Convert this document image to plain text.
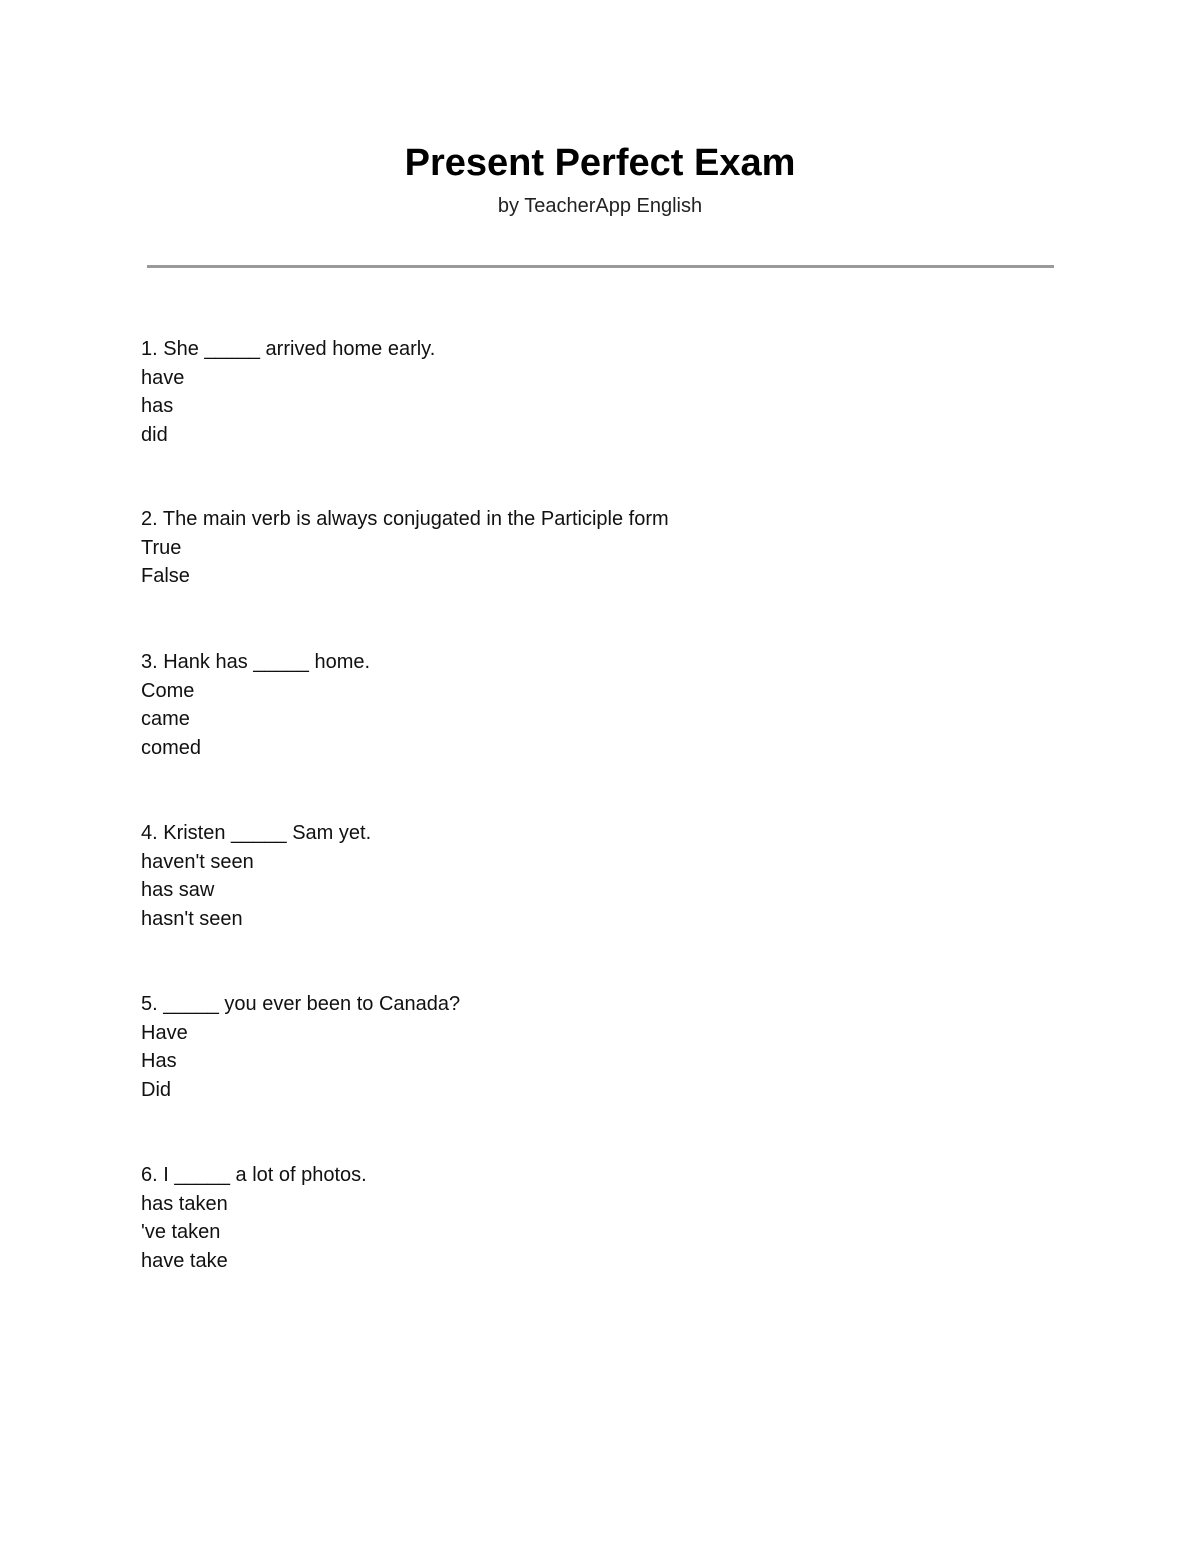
Present Perfect Exam
by TeacherApp English
1. She _____ arrived home early.
have
has
did
2. The main verb is always conjugated in the Participle form
True
False
3. Hank has _____ home.
Come
came
comed
4. Kristen _____ Sam yet.
haven't seen
has saw
hasn't seen
5. _____ you ever been to Canada?
Have
Has
Did
6. I _____ a lot of photos.
has taken
've taken
have take
